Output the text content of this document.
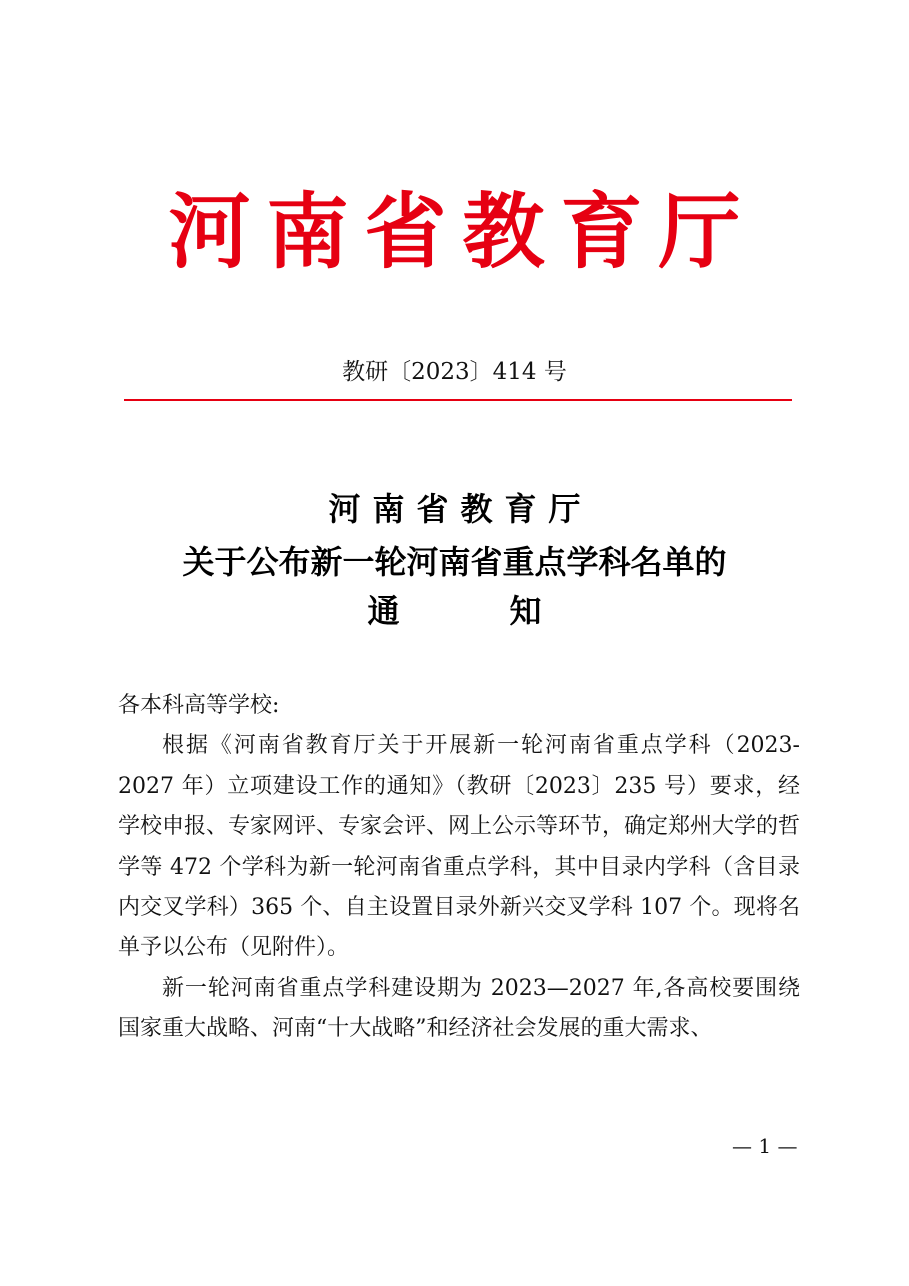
河南省教育厅
教研〔2023〕414 号
河南省教育厅
关于公布新一轮河南省重点学科名单的
通	知

各本科高等学校:

根据《河南省教育厅关于开展新一轮河南省重点学科（2023-2027 年）立项建设工作的通知》（教研〔2023〕235 号）要求，经学校申报、专家网评、专家会评、网上公示等环节，确定郑州大学的哲学等 472 个学科为新一轮河南省重点学科，其中目录内学科（含目录内交叉学科）365 个、自主设置目录外新兴交叉学科 107 个。现将名单予以公布（见附件）。

新一轮河南省重点学科建设期为 2023—2027 年,各高校要围绕国家重大战略、河南“十大战略”和经济社会发展的重大需求、

— 1 —
